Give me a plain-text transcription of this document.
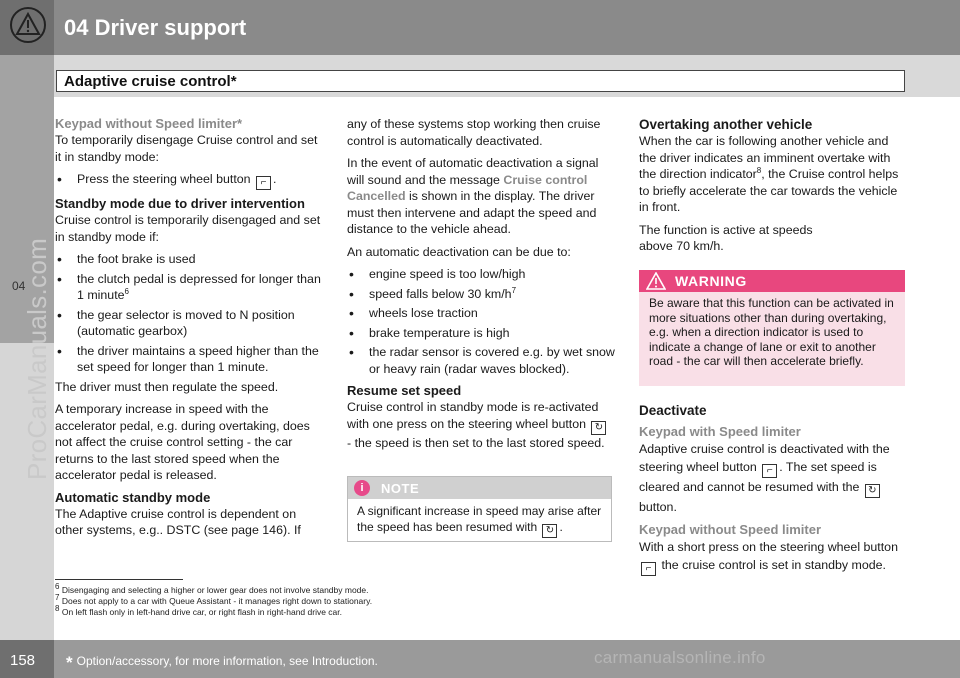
04 Driver support
Adaptive cruise control*
04
ProCarManuals.com
Keypad without Speed limiter*

To temporarily disengage Cruise control and set it in standby mode:

• Press the steering wheel button ⌐ .
Standby mode due to driver intervention

Cruise control is temporarily disengaged and set in standby mode if:

• the foot brake is used
• the clutch pedal is depressed for longer than 1 minute$^6$
• the gear selector is moved to N position (automatic gearbox)
• the driver maintains a speed higher than the set speed for longer than 1 minute.

The driver must then regulate the speed.

A temporary increase in speed with the accelerator pedal, e.g. during overtaking, does not affect the cruise control setting - the car returns to the last stored speed when the accelerator pedal is released.

Automatic standby mode

The Adaptive cruise control is dependent on other systems, e.g.. DSTC (see page 146). If

any of these systems stop working then cruise control is automatically deactivated.

In the event of automatic deactivation a signal will sound and the message Cruise control Cancelled is shown in the display. The driver must then intervene and adapt the speed and distance to the vehicle ahead.

An automatic deactivation can be due to:

• engine speed is too low/high
• speed falls below 30 $km/h^7$
• wheels lose traction
• brake temperature is high
• the radar sensor is covered e.g. by wet snow or heavy rain (radar waves blocked).
Resume set speed

Cruise control in standby mode is re-activated with one press on the steering wheel button ↻ - the speed is then set to the last stored speed.

i	NOTE
A significant increase in speed may arise after the speed has been resumed with ↻ .
Overtaking another vehicle

When the car is following another vehicle and the driver indicates an imminent overtake with the direction indicator$^8$, the Cruise control helps to briefly accelerate the car towards the vehicle in front.

The function is active at speeds above 70 km/h.

WARNING
Be aware that this function can be activated in more situations other than during overtaking, e.g. when a direction indicator is used to indicate a change of lane or exit to another road - the car will then accelerate briefly.
Deactivate
Keypad with Speed limiter

Adaptive cruise control is deactivated with the steering wheel button ⌐ . The set speed is cleared and cannot be resumed with the ↻ button.

Keypad without Speed limiter

With a short press on the steering wheel button ⌐ the cruise control is set in standby mode.

$^6$ Disengaging and selecting a higher or lower gear does not involve standby mode.
$^7$ Does not apply to a car with Queue Assistant - it manages right down to stationary.
$^8$ On left flash only in left-hand drive car, or right flash in right-hand drive car.
158 * Option/accessory, for more information, see Introduction.	carmanualsonline.info
